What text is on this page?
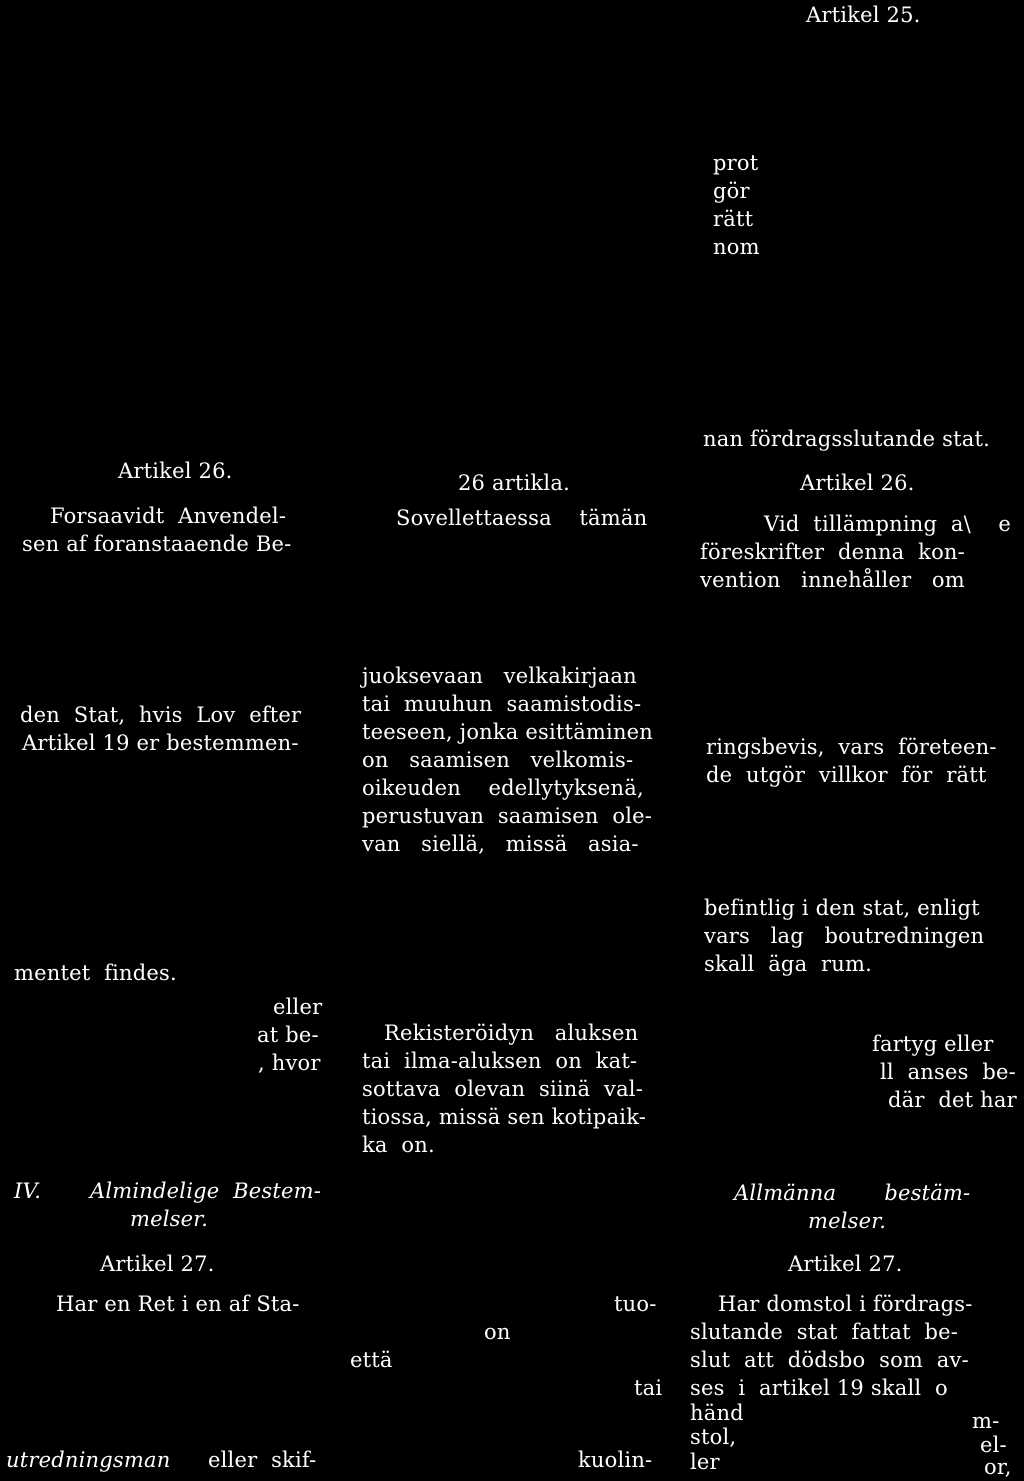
Artikel 25.
prot
gör
rätt
nom
nan fördragsslutande stat.
Artikel 26.	26 artikla.	Artikel 26.
Forsaavidt  Anvendel-
sen af foranstaaende Be-
Sovellettaessa    tämän	Vid  tillämpning  a\    e
föreskrifter  denna  kon-
vention   innehåller   om
den  Stat,  hvis  Lov  efter
Artikel 19 er bestemmen-
juoksevaan   velkakirjaan
tai  muuhun  saamistodis-
teeseen, jonka esittäminen
on   saamisen   velkomis-
oikeuden    edellytyksenä,
perustuvan  saamisen  ole-
van   siellä,   missä   asia-
ringsbevis,  vars  företeen-
de  utgör  villkor  för  rätt
befintlig i den stat, enligt
vars   lag   boutredningen
skall  äga  rum.
mentet  findes.
eller
at be-
, hvor
Rekisteröidyn   aluksen
tai  ilma-aluksen  on  kat-
sottava  olevan  siinä  val-
tiossa, missä sen kotipaik-
ka  on.
fartyg eller
ll  anses  be-
där  det har
IV. Almindelige  Bestem-
melser.
Artikel 27.
Har en Ret i en af Sta-
utredningsman eller  skif-
tuo-
on
että
tai
kuolin-
Allmänna       bestäm-
melser.
Artikel 27.
Har domstol i fördrags-
slutande  stat  fattat  be-
slut  att  dödsbo  som  av-
ses  i  artikel 19 skall  o
händ
stol,
ler
m-
el-
or,
